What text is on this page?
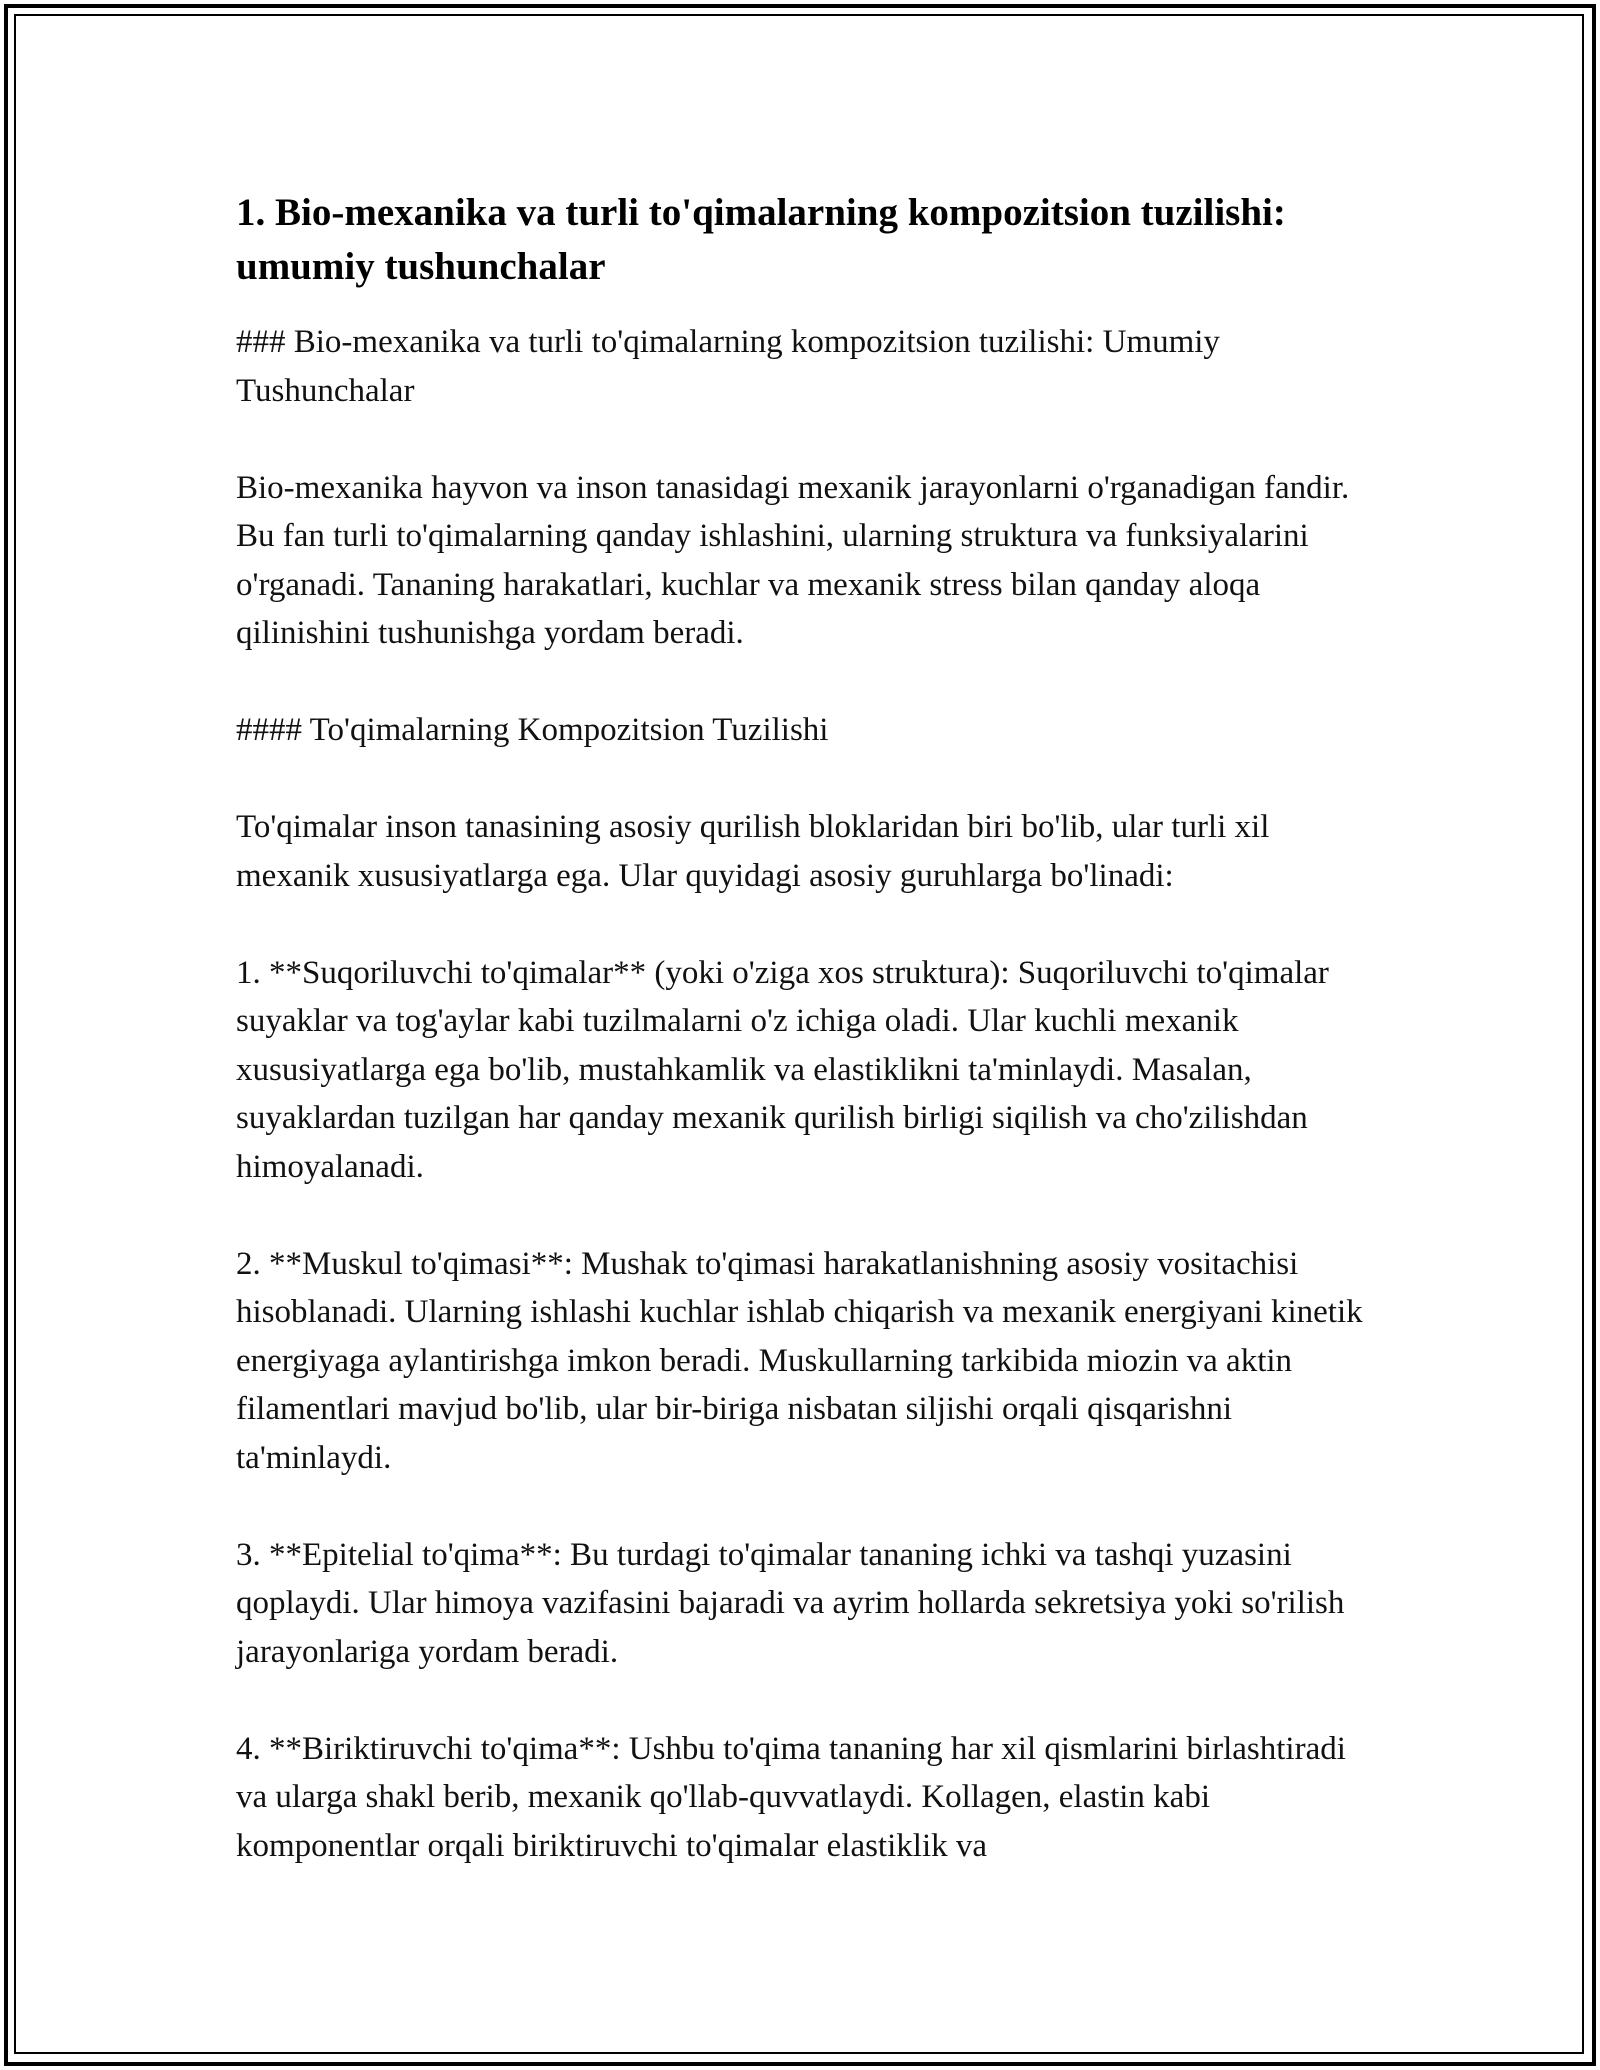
1. Bio-mexanika va turli to'qimalarning kompozitsion tuzilishi: umumiy tushunchalar

### Bio-mexanika va turli to'qimalarning kompozitsion tuzilishi: Umumiy Tushunchalar

Bio-mexanika hayvon va inson tanasidagi mexanik jarayonlarni o'rganadigan fandir. Bu fan turli to'qimalarning qanday ishlashini, ularning struktura va funksiyalarini o'rganadi. Tananing harakatlari, kuchlar va mexanik stress bilan qanday aloqa qilinishini tushunishga yordam beradi.

#### To'qimalarning Kompozitsion Tuzilishi

To'qimalar inson tanasining asosiy qurilish bloklaridan biri bo'lib, ular turli xil mexanik xususiyatlarga ega. Ular quyidagi asosiy guruhlarga bo'linadi:

1. **Suqoriluvchi to'qimalar** (yoki o'ziga xos struktura): Suqoriluvchi to'qimalar suyaklar va tog'aylar kabi tuzilmalarni o'z ichiga oladi. Ular kuchli mexanik xususiyatlarga ega bo'lib, mustahkamlik va elastiklikni ta'minlaydi. Masalan, suyaklardan tuzilgan har qanday mexanik qurilish birligi siqilish va cho'zilishdan himoyalanadi.

2. **Muskul to'qimasi**: Mushak to'qimasi harakatlanishning asosiy vositachisi hisoblanadi. Ularning ishlashi kuchlar ishlab chiqarish va mexanik energiyani kinetik energiyaga aylantirishga imkon beradi. Muskullarning tarkibida miozin va aktin filamentlari mavjud bo'lib, ular bir-biriga nisbatan siljishi orqali qisqarishni ta'minlaydi.

3. **Epitelial to'qima**: Bu turdagi to'qimalar tananing ichki va tashqi yuzasini qoplaydi. Ular himoya vazifasini bajaradi va ayrim hollarda sekretsiya yoki so'rilish jarayonlariga yordam beradi.

4. **Biriktiruvchi to'qima**: Ushbu to'qima tananing har xil qismlarini birlashtiradi va ularga shakl berib, mexanik qo'llab-quvvatlaydi. Kollagen, elastin kabi komponentlar orqali biriktiruvchi to'qimalar elastiklik va
